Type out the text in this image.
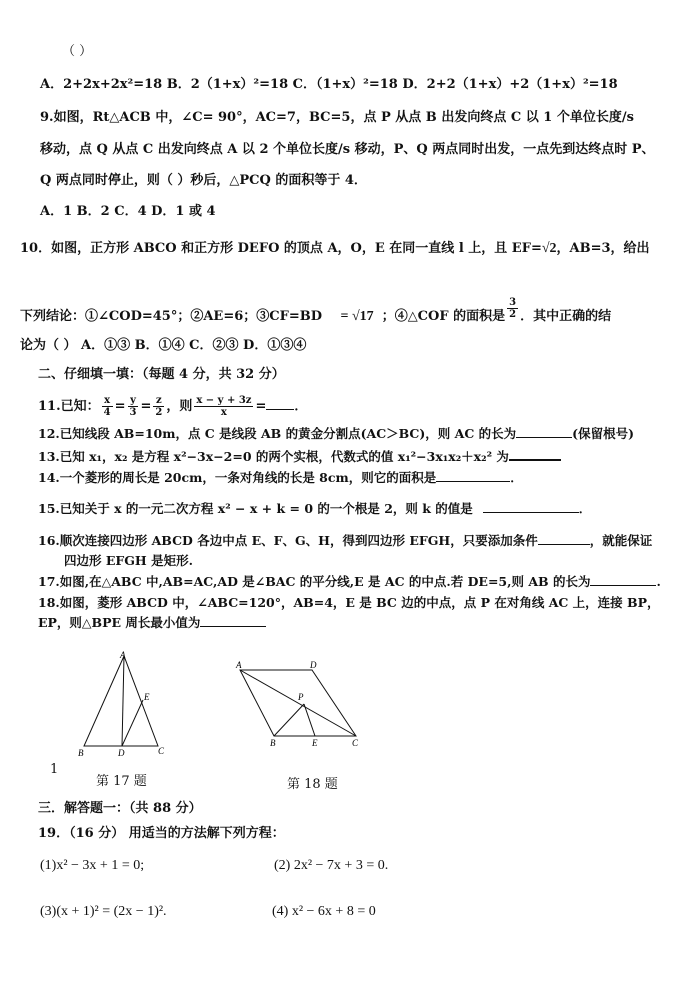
（ ）
A．2+2x+2x²=18 B．2（1+x）²=18 C．（1+x）²=18 D．2+2（1+x）+2（1+x）²=18
9.如图，Rt△ACB 中，∠C= 90°，AC=7，BC=5，点 P 从点 B 出发向终点 C 以 1 个单位长度/s
移动，点 Q 从点 C 出发向终点 A 以 2 个单位长度/s 移动，P、Q 两点同时出发，一点先到达终点时 P、
Q 两点同时停止，则（ ）秒后，△PCQ 的面积等于 4．
A．1 B．2 C．4 D．1 或 4
10．如图，正方形 ABCO 和正方形 DEFO 的顶点 A，O，E 在同一直线 l 上，且 EF=√2，AB=3，给出
下列结论：①∠COD=45°；②AE=6；③CF=BD = √17 ；④△COF 的面积是 $\frac{3}{2}$ ．其中正确的结
论为（ ） A．①③ B．①④ C．②③ D．①③④
二、仔细填一填：（每题 4 分，共 32 分）
11.已知： $\frac{x}{4} = \frac{y}{3} = \frac{z}{2}$ ，则 $\frac{x - y + 3z}{x}$ = ．
12.已知线段 AB=10m，点 C 是线段 AB 的黄金分割点(AC＞BC)，则 AC 的长为	(保留根号)
13.已知 x₁，x₂ 是方程 x²−3x−2=0 的两个实根，代数式的值 x₁²−3x₁x₂＋x₂² 为
14.一个菱形的周长是 20cm，一条对角线的长是 8cm，则它的面积是	．
15.已知关于 x 的一元二次方程 x² − x + k = 0 的一个根是 2，则 k 的值是	．
16.顺次连接四边形 ABCD 各边中点 E、F、G、H，得到四边形 EFGH，只要添加条件	，就能保证
四边形 EFGH 是矩形.
17.如图,在△ABC 中,AB=AC,AD 是∠BAC 的平分线,E 是 AC 的中点.若 DE=5,则 AB 的长为	.
18.如图，菱形 ABCD 中，∠ABC=120°，AB=4，E 是 BC 边的中点，点 P 在对角线 AC 上，连接 BP，
EP，则△BPE 周长最小值为
A
B	C
D
E
1
第 17 题
A	D
P
B	E	C
第 18 题
三．解答题一：（共 88 分）
19．（16 分） 用适当的方法解下列方程：
(1)x² − 3x + 1 = 0;	(2) 2x² − 7x + 3 = 0.
(3)(x + 1)² = (2x − 1)².	(4) x² − 6x + 8 = 0
